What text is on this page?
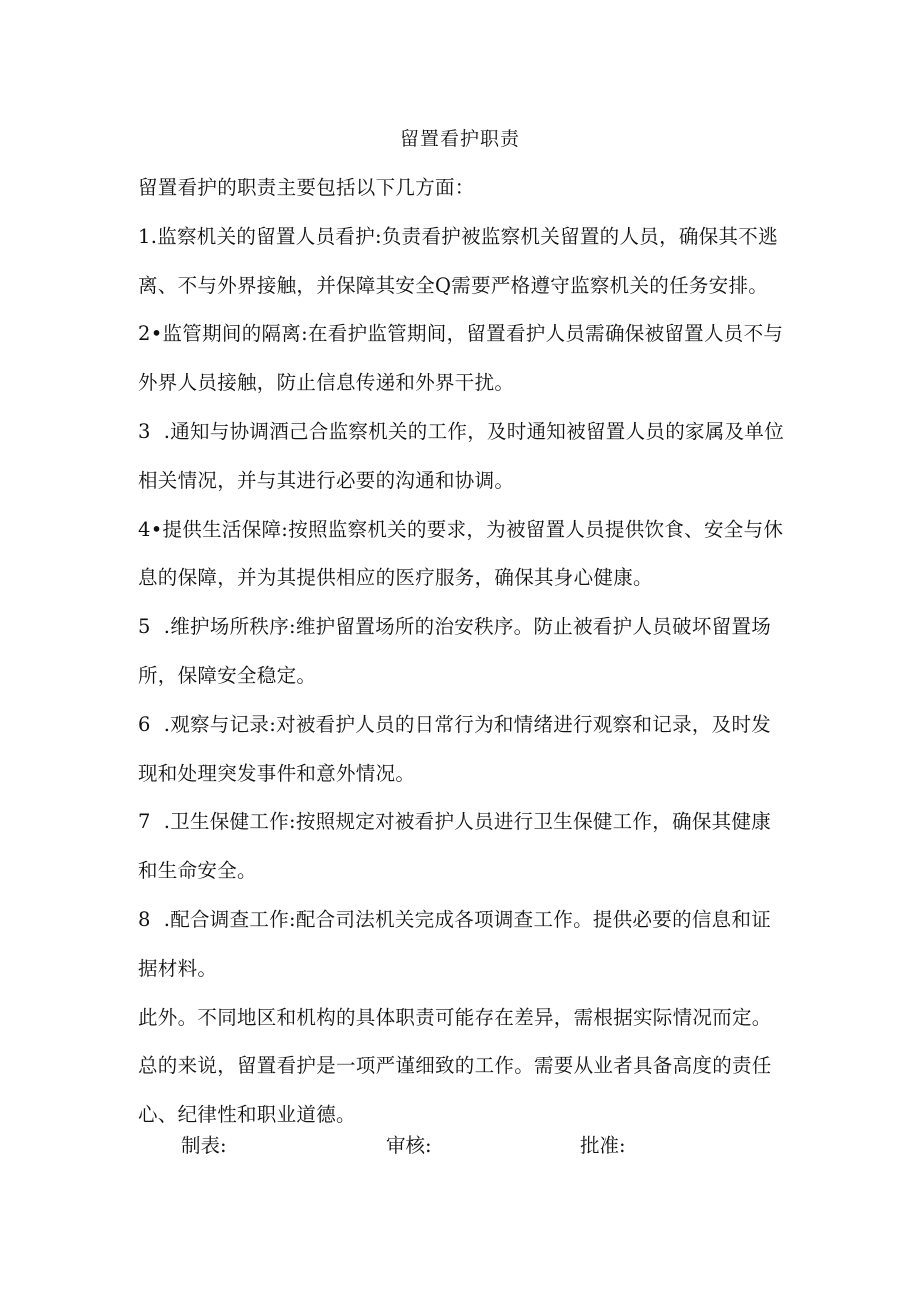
留置看护职责

留置看护的职责主要包括以下几方面：

1.监察机关的留置人员看护:负责看护被监察机关留置的人员，确保其不逃
离、不与外界接触，并保障其安全Q需要严格遵守监察机关的任务安排。

2•监管期间的隔离:在看护监管期间，留置看护人员需确保被留置人员不与
外界人员接触，防止信息传递和外界干扰。

3  .通知与协调酒己合监察机关的工作，及时通知被留置人员的家属及单位
相关情况，并与其进行必要的沟通和协调。

4•提供生活保障:按照监察机关的要求，为被留置人员提供饮食、安全与休
息的保障，并为其提供相应的医疗服务，确保其身心健康。

5  .维护场所秩序:维护留置场所的治安秩序。防止被看护人员破坏留置场
所，保障安全稳定。

6  .观察与记录:对被看护人员的日常行为和情绪进行观察和记录，及时发
现和处理突发事件和意外情况。

7  .卫生保健工作:按照规定对被看护人员进行卫生保健工作，确保其健康
和生命安全。

8  .配合调查工作:配合司法机关完成各项调查工作。提供必要的信息和证
据材料。

此外。不同地区和机构的具体职责可能存在差异，需根据实际情况而定。

总的来说，留置看护是一项严谨细致的工作。需要从业者具备高度的责任
心、纪律性和职业道德。

制表:	审核:	批准:
